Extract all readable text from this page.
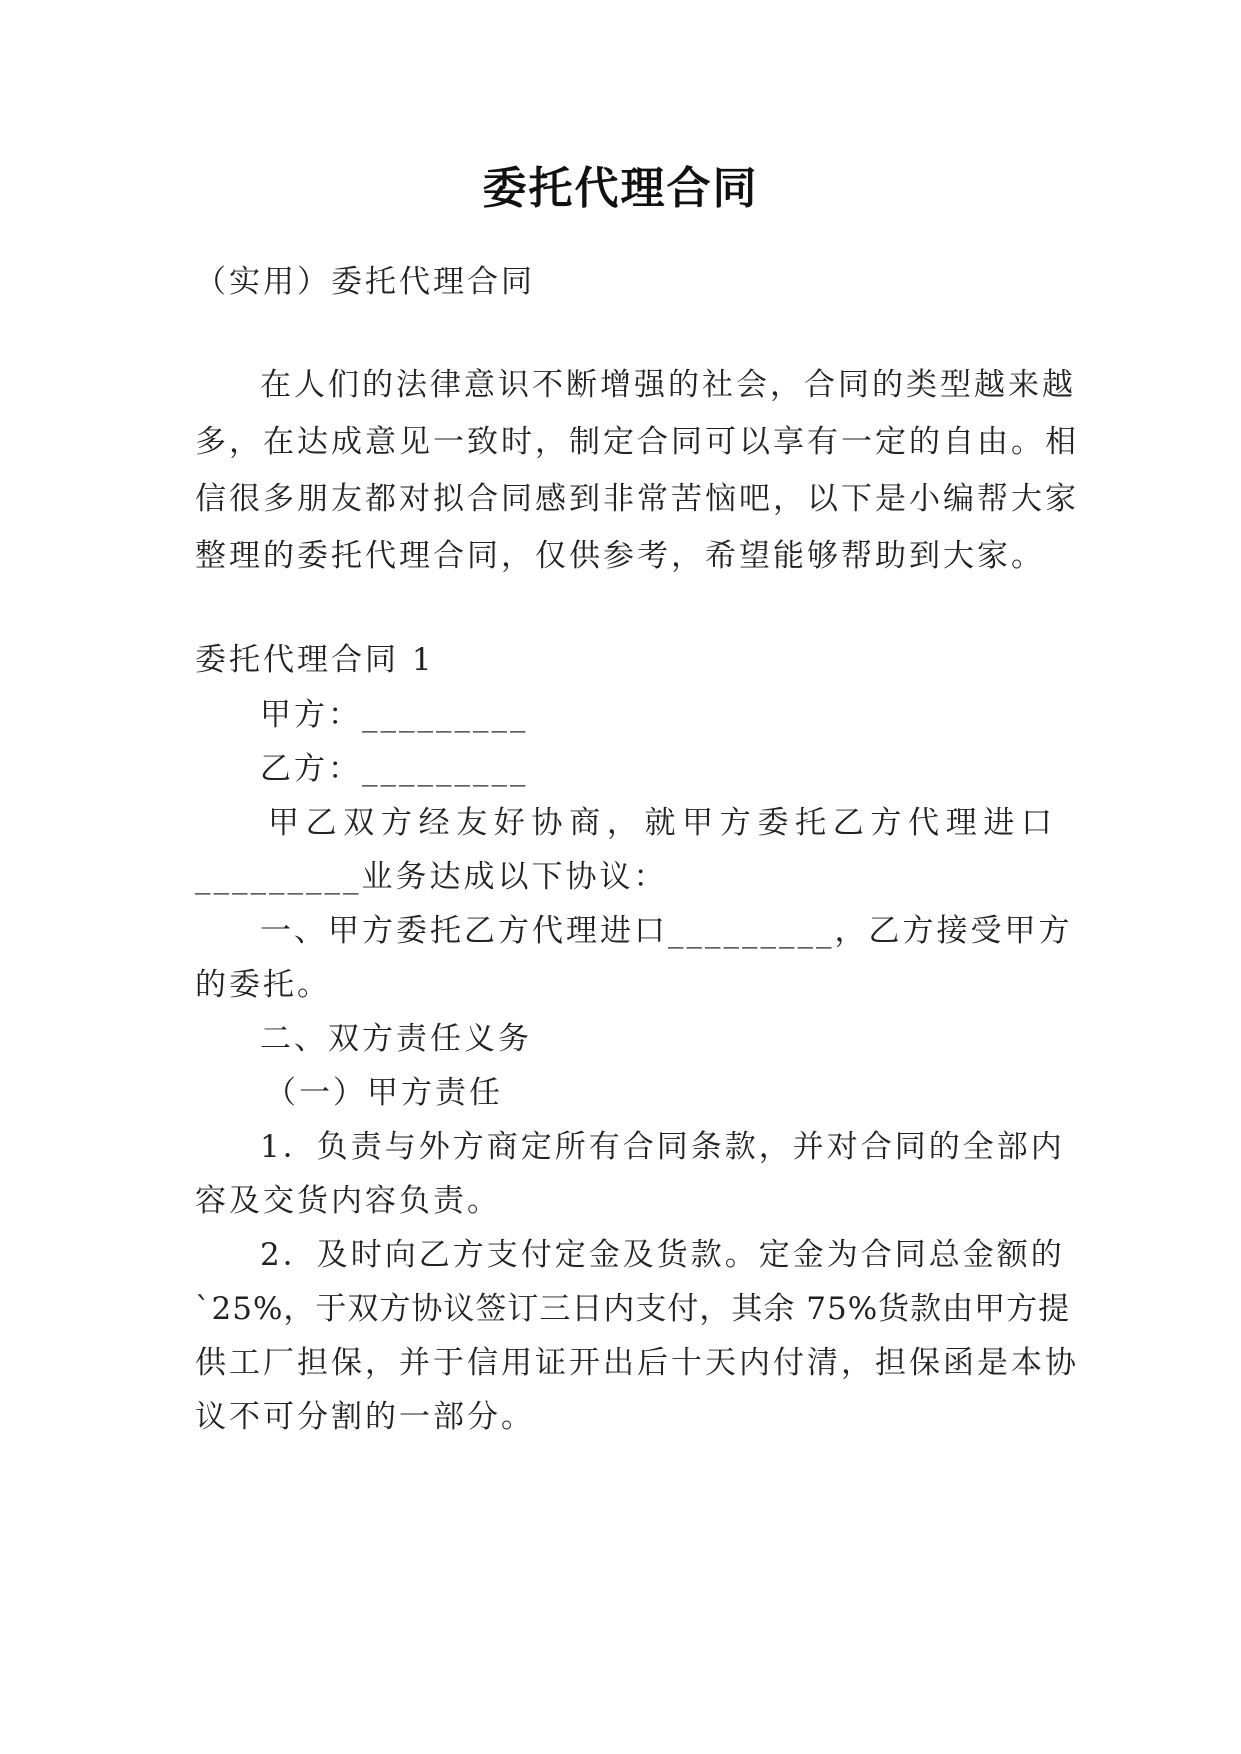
委托代理合同
（实用）委托代理合同
在人们的法律意识不断增强的社会，合同的类型越来越
多，在达成意见一致时，制定合同可以享有一定的自由。相
信很多朋友都对拟合同感到非常苦恼吧，以下是小编帮大家
整理的委托代理合同，仅供参考，希望能够帮助到大家。
委托代理合同 1
甲方：_________
乙方：_________
甲乙双方经友好协商，就甲方委托乙方代理进口
_________业务达成以下协议：
一、甲方委托乙方代理进口_________，乙方接受甲方
的委托。
二、双方责任义务
（一）甲方责任
1．负责与外方商定所有合同条款，并对合同的全部内
容及交货内容负责。
2．及时向乙方支付定金及货款。定金为合同总金额的
`25%，于双方协议签订三日内支付，其余 75%货款由甲方提
供工厂担保，并于信用证开出后十天内付清，担保函是本协
议不可分割的一部分。
